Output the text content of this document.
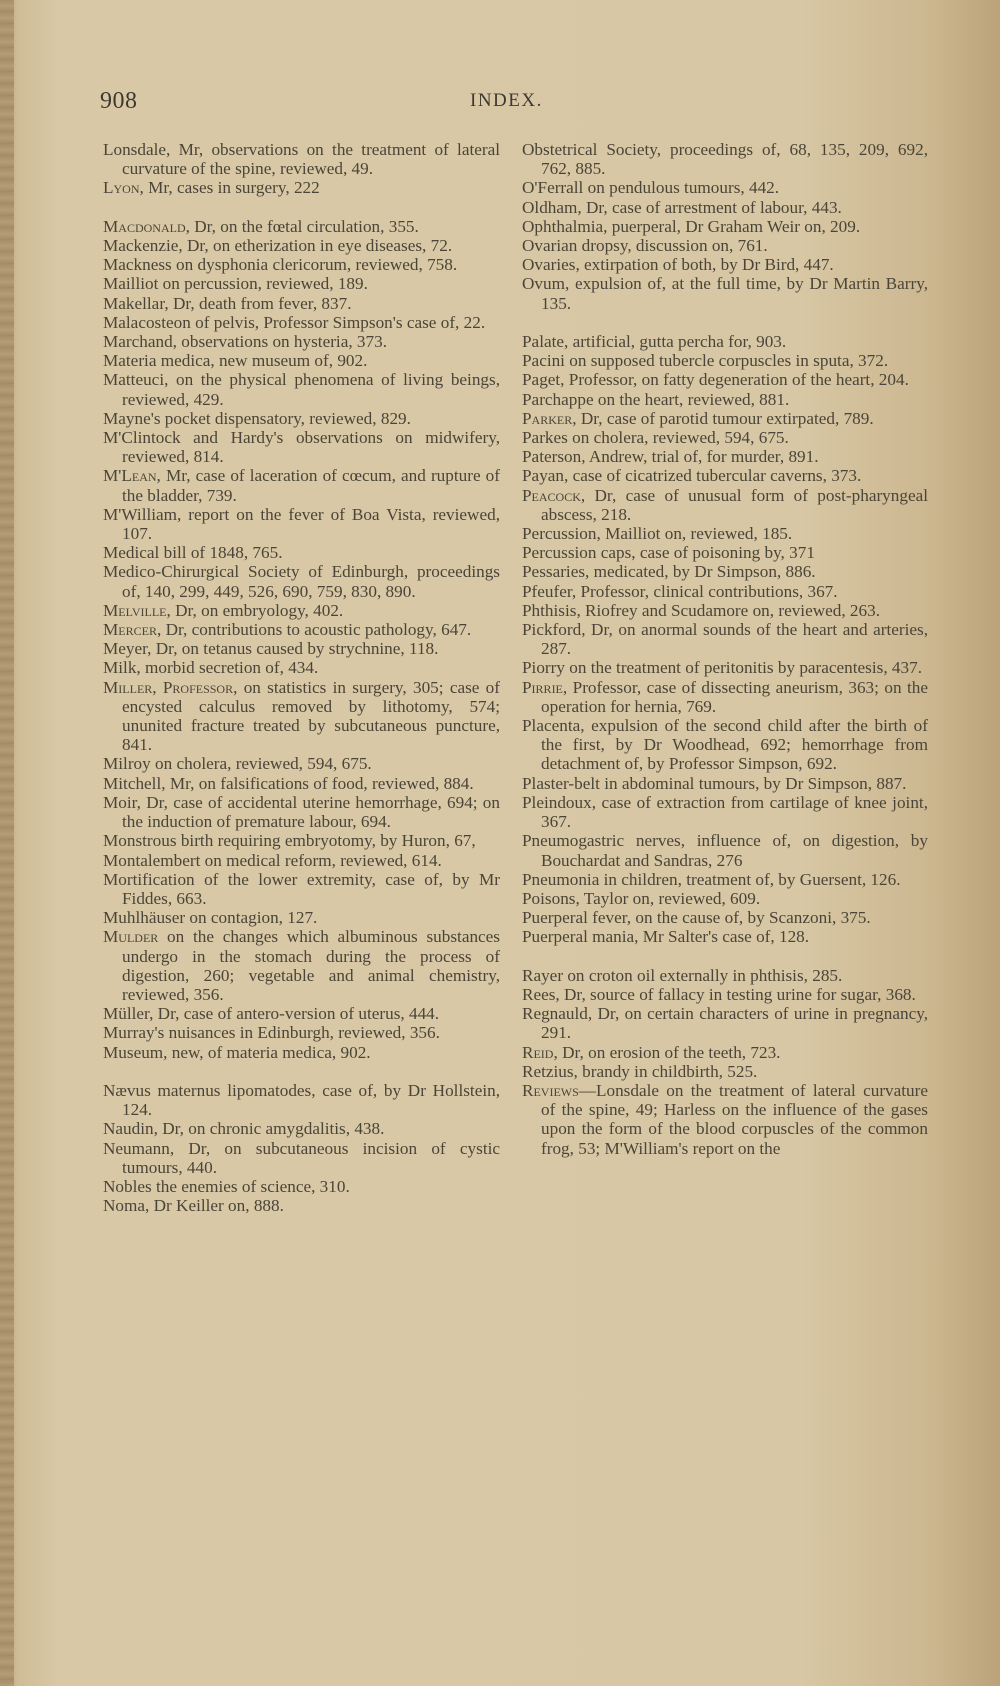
908	INDEX.

Lonsdale, Mr, observations on the treatment of lateral curvature of the spine, reviewed, 49.

Lyon, Mr, cases in surgery, 222

Macdonald, Dr, on the fœtal circulation, 355.

Mackenzie, Dr, on etherization in eye diseases, 72.

Mackness on dysphonia clericorum, reviewed, 758.

Mailliot on percussion, reviewed, 189.

Makellar, Dr, death from fever, 837.

Malacosteon of pelvis, Professor Simpson's case of, 22.

Marchand, observations on hysteria, 373.

Materia medica, new museum of, 902.

Matteuci, on the physical phenomena of living beings, reviewed, 429.

Mayne's pocket dispensatory, reviewed, 829.

M'Clintock and Hardy's observations on midwifery, reviewed, 814.

M'Lean, Mr, case of laceration of cœcum, and rupture of the bladder, 739.

M'William, report on the fever of Boa Vista, reviewed, 107.

Medical bill of 1848, 765.

Medico-Chirurgical Society of Edinburgh, proceedings of, 140, 299, 449, 526, 690, 759, 830, 890.

Melville, Dr, on embryology, 402.

Mercer, Dr, contributions to acoustic pathology, 647.

Meyer, Dr, on tetanus caused by strychnine, 118.

Milk, morbid secretion of, 434.

Miller, Professor, on statistics in surgery, 305; case of encysted calculus removed by lithotomy, 574; ununited fracture treated by subcutaneous puncture, 841.

Milroy on cholera, reviewed, 594, 675.

Mitchell, Mr, on falsifications of food, reviewed, 884.

Moir, Dr, case of accidental uterine hemorrhage, 694; on the induction of premature labour, 694.

Monstrous birth requiring embryotomy, by Huron, 67,

Montalembert on medical reform, reviewed, 614.

Mortification of the lower extremity, case of, by Mr Fiddes, 663.

Muhlhäuser on contagion, 127.

Mulder on the changes which albuminous substances undergo in the stomach during the process of digestion, 260; vegetable and animal chemistry, reviewed, 356.

Müller, Dr, case of antero-version of uterus, 444.

Murray's nuisances in Edinburgh, reviewed, 356.

Museum, new, of materia medica, 902.

Nævus maternus lipomatodes, case of, by Dr Hollstein, 124.

Naudin, Dr, on chronic amygdalitis, 438.

Neumann, Dr, on subcutaneous incision of cystic tumours, 440.

Nobles the enemies of science, 310.

Noma, Dr Keiller on, 888.

Obstetrical Society, proceedings of, 68, 135, 209, 692, 762, 885.

O'Ferrall on pendulous tumours, 442.

Oldham, Dr, case of arrestment of labour, 443.

Ophthalmia, puerperal, Dr Graham Weir on, 209.

Ovarian dropsy, discussion on, 761.

Ovaries, extirpation of both, by Dr Bird, 447.

Ovum, expulsion of, at the full time, by Dr Martin Barry, 135.

Palate, artificial, gutta percha for, 903.

Pacini on supposed tubercle corpuscles in sputa, 372.

Paget, Professor, on fatty degeneration of the heart, 204.

Parchappe on the heart, reviewed, 881.

Parker, Dr, case of parotid tumour extirpated, 789.

Parkes on cholera, reviewed, 594, 675.

Paterson, Andrew, trial of, for murder, 891.

Payan, case of cicatrized tubercular caverns, 373.

Peacock, Dr, case of unusual form of post-pharyngeal abscess, 218.

Percussion, Mailliot on, reviewed, 185.

Percussion caps, case of poisoning by, 371

Pessaries, medicated, by Dr Simpson, 886.

Pfeufer, Professor, clinical contributions, 367.

Phthisis, Riofrey and Scudamore on, reviewed, 263.

Pickford, Dr, on anormal sounds of the heart and arteries, 287.

Piorry on the treatment of peritonitis by paracentesis, 437.

Pirrie, Professor, case of dissecting aneurism, 363; on the operation for hernia, 769.

Placenta, expulsion of the second child after the birth of the first, by Dr Woodhead, 692; hemorrhage from detachment of, by Professor Simpson, 692.

Plaster-belt in abdominal tumours, by Dr Simpson, 887.

Pleindoux, case of extraction from cartilage of knee joint, 367.

Pneumogastric nerves, influence of, on digestion, by Bouchardat and Sandras, 276

Pneumonia in children, treatment of, by Guersent, 126.

Poisons, Taylor on, reviewed, 609.

Puerperal fever, on the cause of, by Scanzoni, 375.

Puerperal mania, Mr Salter's case of, 128.

Rayer on croton oil externally in phthisis, 285.

Rees, Dr, source of fallacy in testing urine for sugar, 368.

Regnauld, Dr, on certain characters of urine in pregnancy, 291.

Reid, Dr, on erosion of the teeth, 723.

Retzius, brandy in childbirth, 525.

Reviews—Lonsdale on the treatment of lateral curvature of the spine, 49; Harless on the influence of the gases upon the form of the blood corpuscles of the common frog, 53; M'William's report on the
